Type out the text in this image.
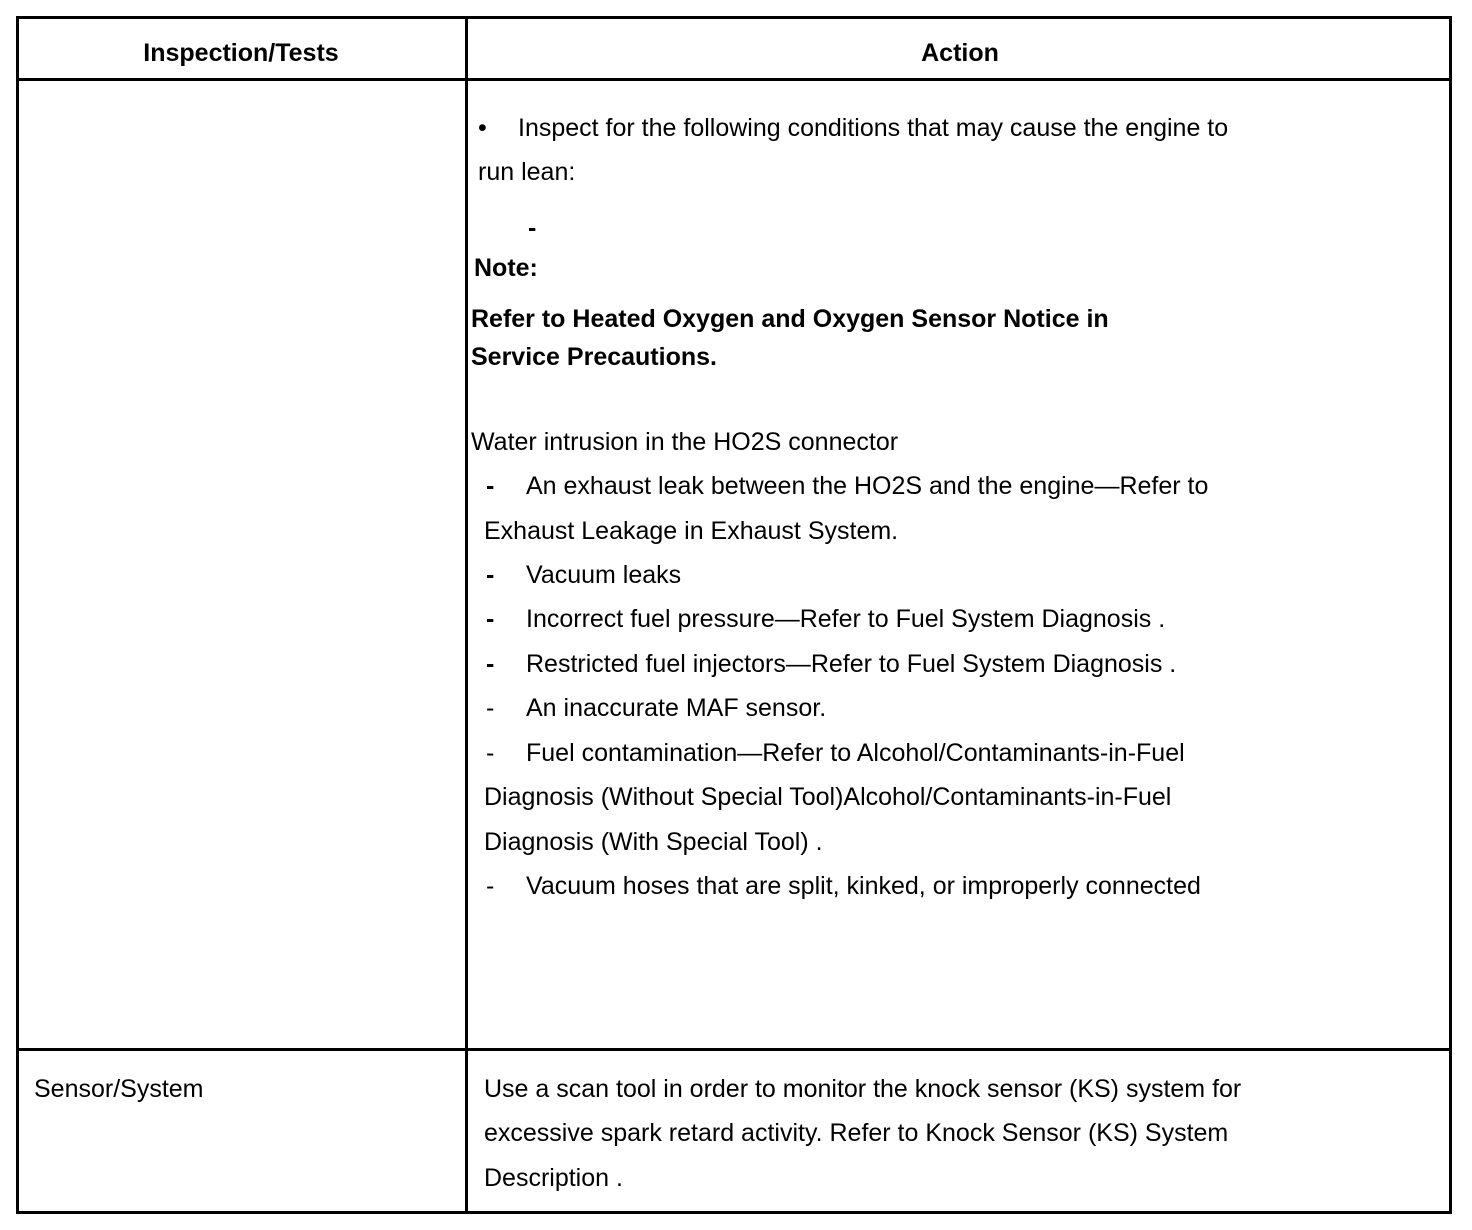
Inspection/Tests	Action
• Inspect for the following conditions that may cause the engine to
run lean:
-
Note:
Refer to Heated Oxygen and Oxygen Sensor Notice in
Service Precautions.
Water intrusion in the HO2S connector
- An exhaust leak between the HO2S and the engine—Refer to
Exhaust Leakage in Exhaust System.
- Vacuum leaks
- Incorrect fuel pressure—Refer to Fuel System Diagnosis .
- Restricted fuel injectors—Refer to Fuel System Diagnosis .
- An inaccurate MAF sensor.
- Fuel contamination—Refer to Alcohol/Contaminants-in-Fuel
Diagnosis (Without Special Tool)Alcohol/Contaminants-in-Fuel
Diagnosis (With Special Tool) .
- Vacuum hoses that are split, kinked, or improperly connected
Sensor/System	Use a scan tool in order to monitor the knock sensor (KS) system for
excessive spark retard activity. Refer to Knock Sensor (KS) System
Description .
